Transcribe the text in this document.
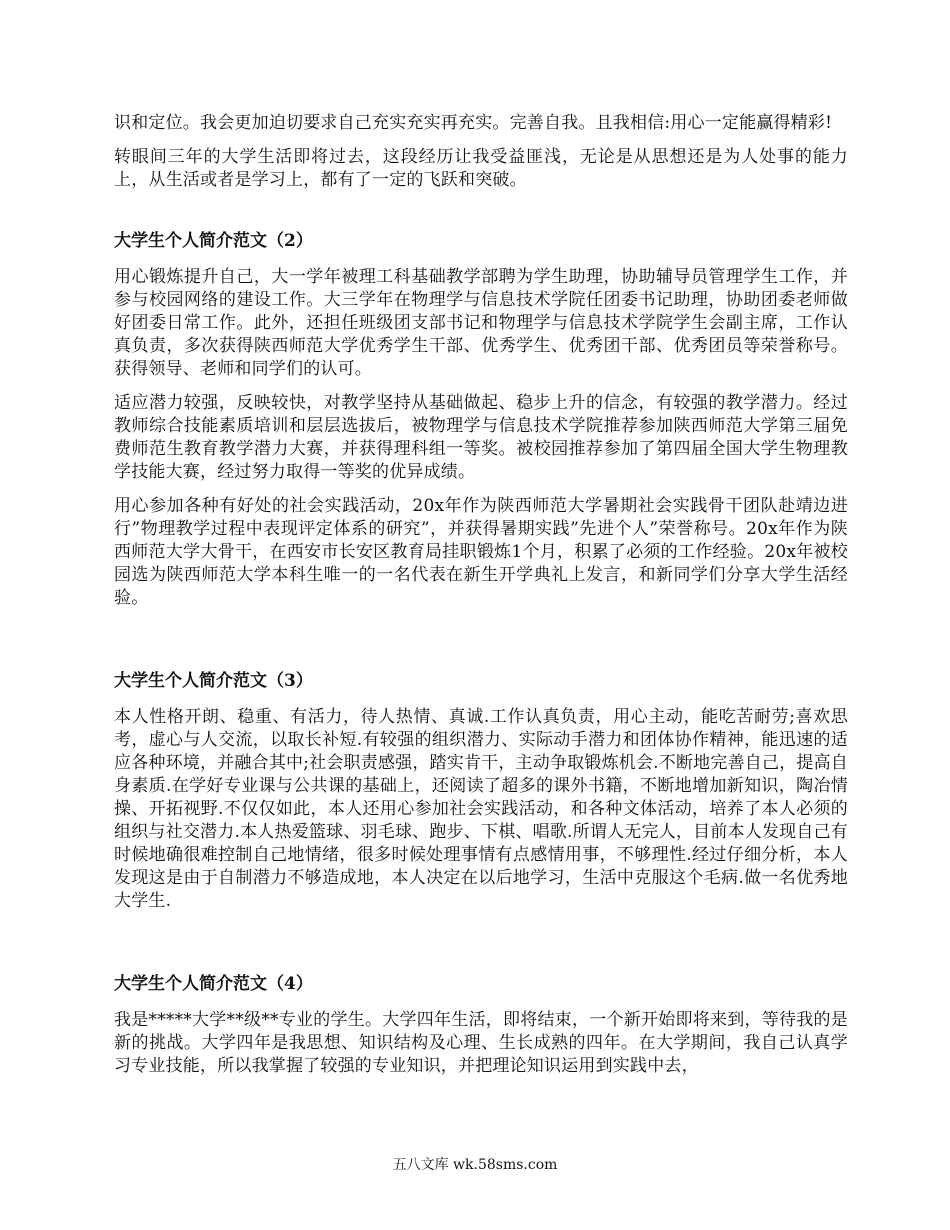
识和定位。我会更加迫切要求自己充实充实再充实。完善自我。且我相信:用心一定能赢得精彩!

转眼间三年的大学生活即将过去，这段经历让我受益匪浅，无论是从思想还是为人处事的能力上，从生活或者是学习上，都有了一定的飞跃和突破。

大学生个人简介范文（2）

用心锻炼提升自己，大一学年被理工科基础教学部聘为学生助理，协助辅导员管理学生工作，并参与校园网络的建设工作。大三学年在物理学与信息技术学院任团委书记助理，协助团委老师做好团委日常工作。此外，还担任班级团支部书记和物理学与信息技术学院学生会副主席，工作认真负责，多次获得陕西师范大学优秀学生干部、优秀学生、优秀团干部、优秀团员等荣誉称号。获得领导、老师和同学们的认可。

适应潜力较强，反映较快，对教学坚持从基础做起、稳步上升的信念，有较强的教学潜力。经过教师综合技能素质培训和层层选拔后，被物理学与信息技术学院推荐参加陕西师范大学第三届免费师范生教育教学潜力大赛，并获得理科组一等奖。被校园推荐参加了第四届全国大学生物理教学技能大赛，经过努力取得一等奖的优异成绩。

用心参加各种有好处的社会实践活动，20x年作为陕西师范大学暑期社会实践骨干团队赴靖边进行”物理教学过程中表现评定体系的研究”，并获得暑期实践”先进个人”荣誉称号。20x年作为陕西师范大学大骨干，在西安市长安区教育局挂职锻炼1个月，积累了必须的工作经验。20x年被校园选为陕西师范大学本科生唯一的一名代表在新生开学典礼上发言，和新同学们分享大学生活经验。

大学生个人简介范文（3）

本人性格开朗、稳重、有活力，待人热情、真诚.工作认真负责，用心主动，能吃苦耐劳;喜欢思考，虚心与人交流，以取长补短.有较强的组织潜力、实际动手潜力和团体协作精神，能迅速的适应各种环境，并融合其中;社会职责感强，踏实肯干，主动争取锻炼机会.不断地完善自己，提高自身素质.在学好专业课与公共课的基础上，还阅读了超多的课外书籍，不断地增加新知识，陶冶情操、开拓视野.不仅仅如此，本人还用心参加社会实践活动，和各种文体活动，培养了本人必须的组织与社交潜力.本人热爱篮球、羽毛球、跑步、下棋、唱歌.所谓人无完人，目前本人发现自己有时候地确很难控制自己地情绪，很多时候处理事情有点感情用事，不够理性.经过仔细分析，本人发现这是由于自制潜力不够造成地，本人决定在以后地学习，生活中克服这个毛病.做一名优秀地大学生.

大学生个人简介范文（4）

我是*****大学**级**专业的学生。大学四年生活，即将结束，一个新开始即将来到，等待我的是新的挑战。大学四年是我思想、知识结构及心理、生长成熟的四年。在大学期间，我自己认真学习专业技能，所以我掌握了较强的专业知识，并把理论知识运用到实践中去，

五八文库 wk.58sms.com
